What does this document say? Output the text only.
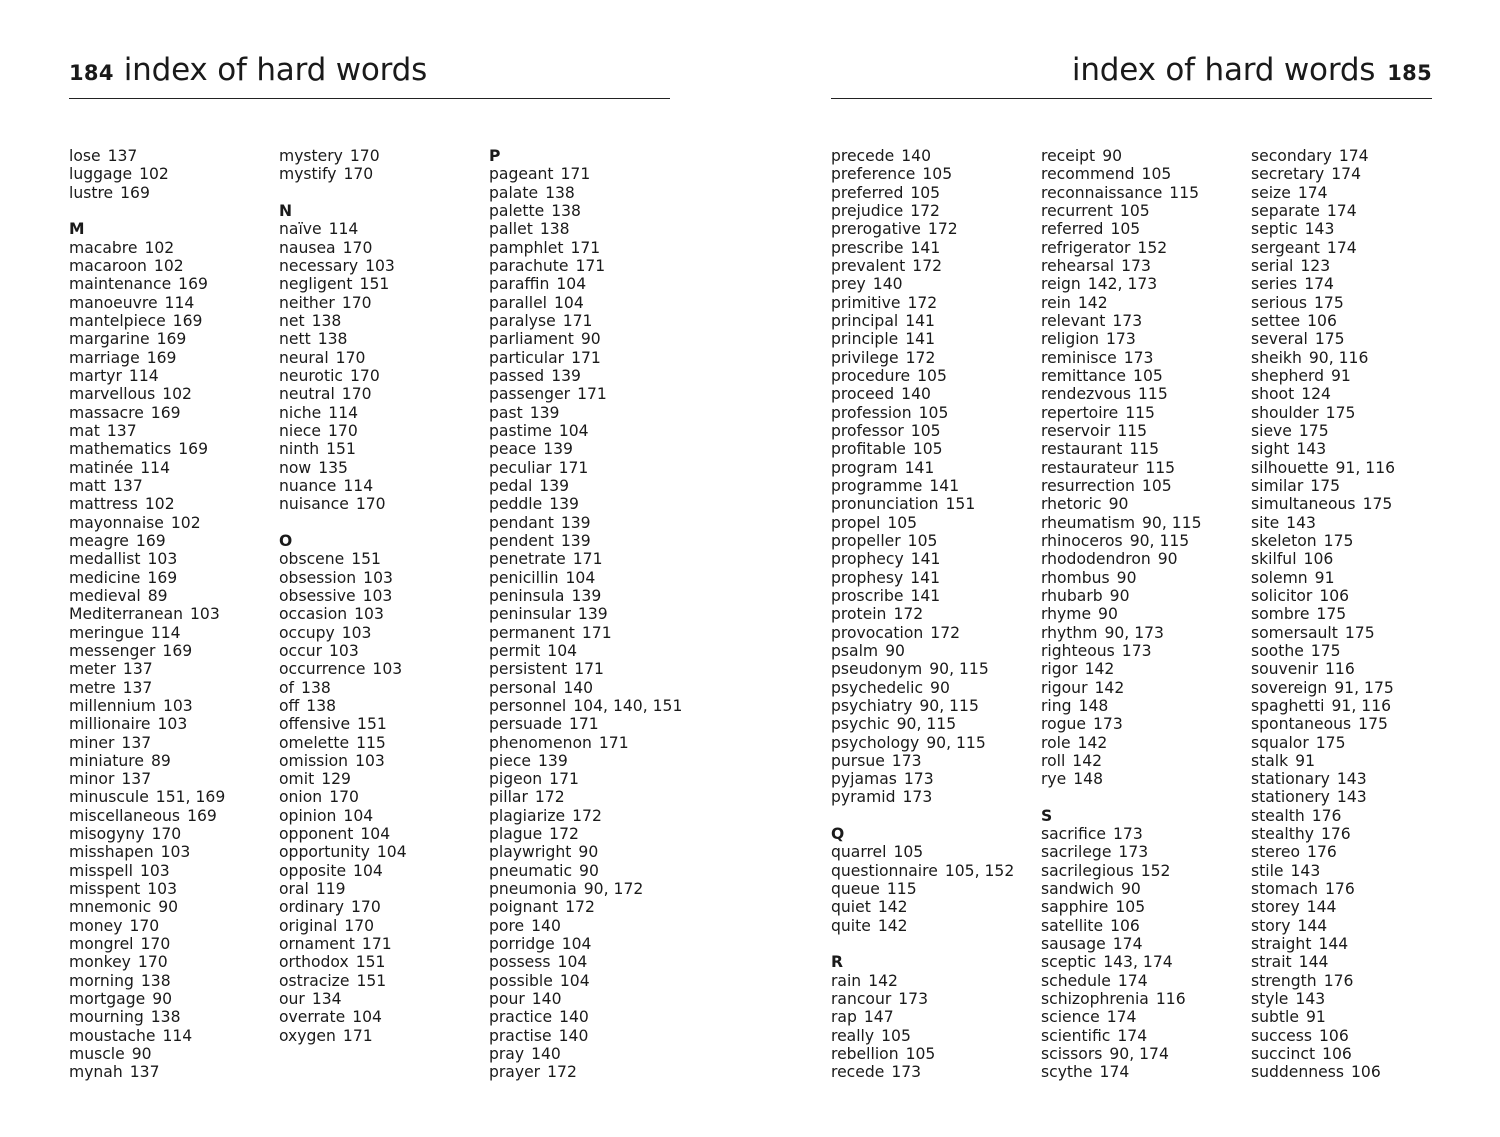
184 index of hard words
lose 137
luggage 102
lustre 169
M
macabre 102
macaroon 102
maintenance 169
manoeuvre 114
mantelpiece 169
margarine 169
marriage 169
martyr 114
marvellous 102
massacre 169
mat 137
mathematics 169
matinée 114
matt 137
mattress 102
mayonnaise 102
meagre 169
medallist 103
medicine 169
medieval 89
Mediterranean 103
meringue 114
messenger 169
meter 137
metre 137
millennium 103
millionaire 103
miner 137
miniature 89
minor 137
minuscule 151, 169
miscellaneous 169
misogyny 170
misshapen 103
misspell 103
misspent 103
mnemonic 90
money 170
mongrel 170
monkey 170
morning 138
mortgage 90
mourning 138
moustache 114
muscle 90
mynah 137
mystery 170
mystify 170
N
naïve 114
nausea 170
necessary 103
negligent 151
neither 170
net 138
nett 138
neural 170
neurotic 170
neutral 170
niche 114
niece 170
ninth 151
now 135
nuance 114
nuisance 170
O
obscene 151
obsession 103
obsessive 103
occasion 103
occupy 103
occur 103
occurrence 103
of 138
off 138
offensive 151
omelette 115
omission 103
omit 129
onion 170
opinion 104
opponent 104
opportunity 104
opposite 104
oral 119
ordinary 170
original 170
ornament 171
orthodox 151
ostracize 151
our 134
overrate 104
oxygen 171
P
pageant 171
palate 138
palette 138
pallet 138
pamphlet 171
parachute 171
paraffin 104
parallel 104
paralyse 171
parliament 90
particular 171
passed 139
passenger 171
past 139
pastime 104
peace 139
peculiar 171
pedal 139
peddle 139
pendant 139
pendent 139
penetrate 171
penicillin 104
peninsula 139
peninsular 139
permanent 171
permit 104
persistent 171
personal 140
personnel 104, 140, 151
persuade 171
phenomenon 171
piece 139
pigeon 171
pillar 172
plagiarize 172
plague 172
playwright 90
pneumatic 90
pneumonia 90, 172
poignant 172
pore 140
porridge 104
possess 104
possible 104
pour 140
practice 140
practise 140
pray 140
prayer 172
index of hard words 185
precede 140
preference 105
preferred 105
prejudice 172
prerogative 172
prescribe 141
prevalent 172
prey 140
primitive 172
principal 141
principle 141
privilege 172
procedure 105
proceed 140
profession 105
professor 105
profitable 105
program 141
programme 141
pronunciation 151
propel 105
propeller 105
prophecy 141
prophesy 141
proscribe 141
protein 172
provocation 172
psalm 90
pseudonym 90, 115
psychedelic 90
psychiatry 90, 115
psychic 90, 115
psychology 90, 115
pursue 173
pyjamas 173
pyramid 173
Q
quarrel 105
questionnaire 105, 152
queue 115
quiet 142
quite 142
R
rain 142
rancour 173
rap 147
really 105
rebellion 105
recede 173
receipt 90
recommend 105
reconnaissance 115
recurrent 105
referred 105
refrigerator 152
rehearsal 173
reign 142, 173
rein 142
relevant 173
religion 173
reminisce 173
remittance 105
rendezvous 115
repertoire 115
reservoir 115
restaurant 115
restaurateur 115
resurrection 105
rhetoric 90
rheumatism 90, 115
rhinoceros 90, 115
rhododendron 90
rhombus 90
rhubarb 90
rhyme 90
rhythm 90, 173
righteous 173
rigor 142
rigour 142
ring 148
rogue 173
role 142
roll 142
rye 148
S
sacrifice 173
sacrilege 173
sacrilegious 152
sandwich 90
sapphire 105
satellite 106
sausage 174
sceptic 143, 174
schedule 174
schizophrenia 116
science 174
scientific 174
scissors 90, 174
scythe 174
secondary 174
secretary 174
seize 174
separate 174
septic 143
sergeant 174
serial 123
series 174
serious 175
settee 106
several 175
sheikh 90, 116
shepherd 91
shoot 124
shoulder 175
sieve 175
sight 143
silhouette 91, 116
similar 175
simultaneous 175
site 143
skeleton 175
skilful 106
solemn 91
solicitor 106
sombre 175
somersault 175
soothe 175
souvenir 116
sovereign 91, 175
spaghetti 91, 116
spontaneous 175
squalor 175
stalk 91
stationary 143
stationery 143
stealth 176
stealthy 176
stereo 176
stile 143
stomach 176
storey 144
story 144
straight 144
strait 144
strength 176
style 143
subtle 91
success 106
succinct 106
suddenness 106
